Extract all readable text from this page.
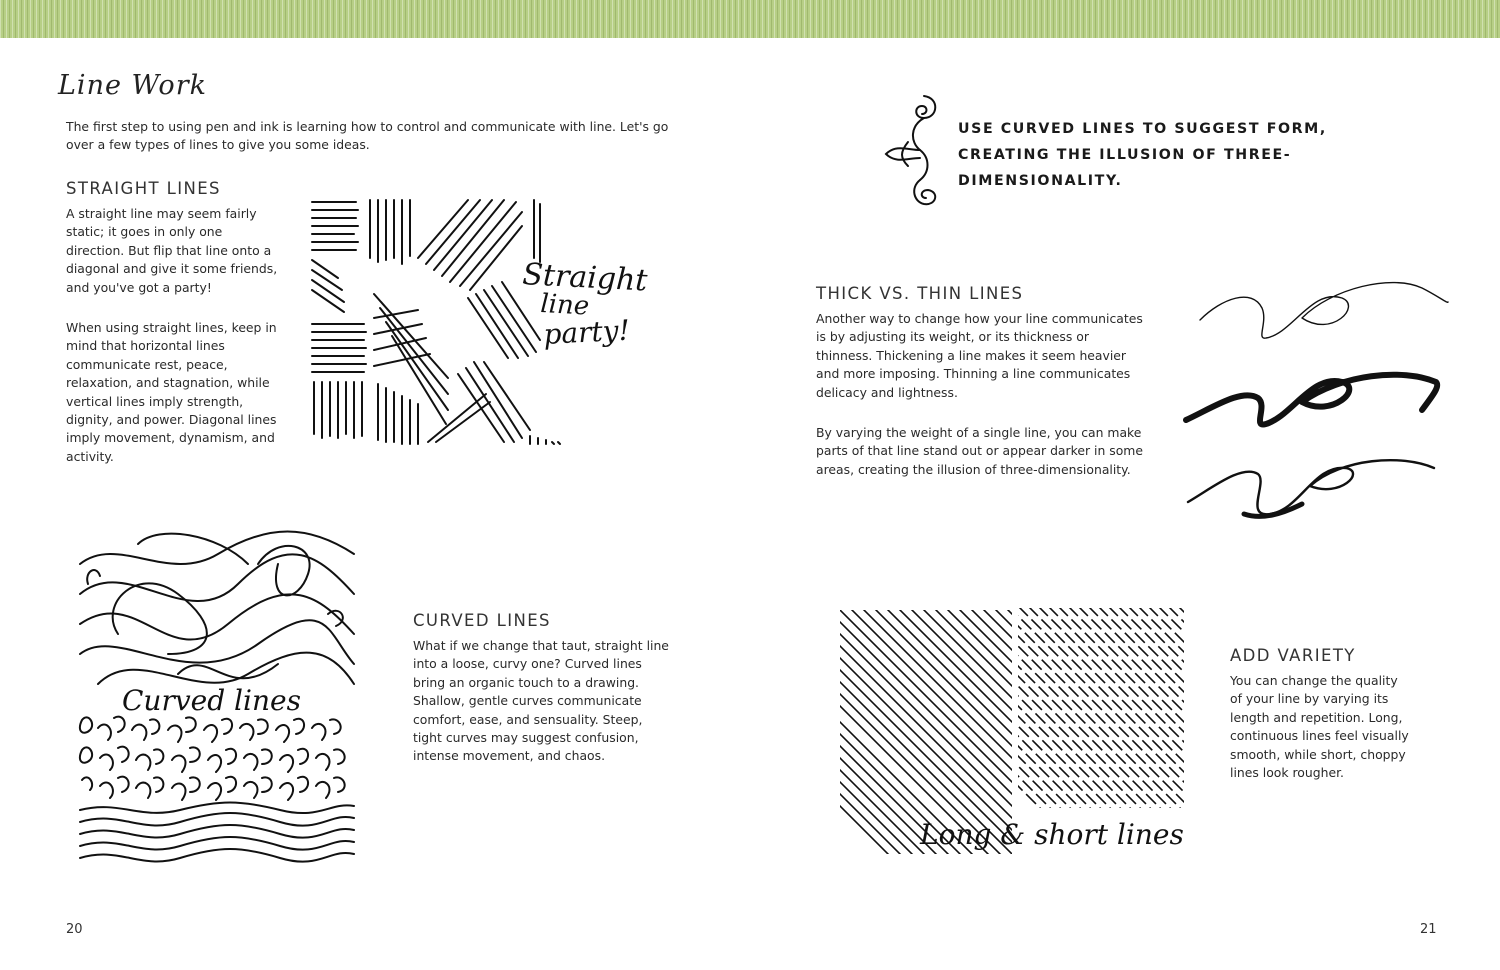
Line Work

The first step to using pen and ink is learning how to control and communicate with line. Let's go over a few types of lines to give you some ideas.

STRAIGHT LINES

A straight line may seem fairly static; it goes in only one direction. But flip that line onto a diagonal and give it some friends, and you've got a party!

When using straight lines, keep in mind that horizontal lines communicate rest, peace, relaxation, and stagnation, while vertical lines imply strength, dignity, and power. Diagonal lines imply movement, dynamism, and activity.

Straight
line
party!
Curved lines
CURVED LINES

What if we change that taut, straight line into a loose, curvy one? Curved lines bring an organic touch to a drawing. Shallow, gentle curves communicate comfort, ease, and sensuality. Steep, tight curves may suggest confusion, intense movement, and chaos.

20
USE CURVED LINES TO SUGGEST FORM, CREATING THE ILLUSION OF THREE-DIMENSIONALITY.
THICK VS. THIN LINES

Another way to change how your line communicates is by adjusting its weight, or its thickness or thinness. Thickening a line makes it seem heavier and more imposing. Thinning a line communicates delicacy and lightness.

By varying the weight of a single line, you can make parts of that line stand out or appear darker in some areas, creating the illusion of three-dimensionality.

Long & short lines
ADD VARIETY

You can change the quality of your line by varying its length and repetition. Long, continuous lines feel visually smooth, while short, choppy lines look rougher.

21
